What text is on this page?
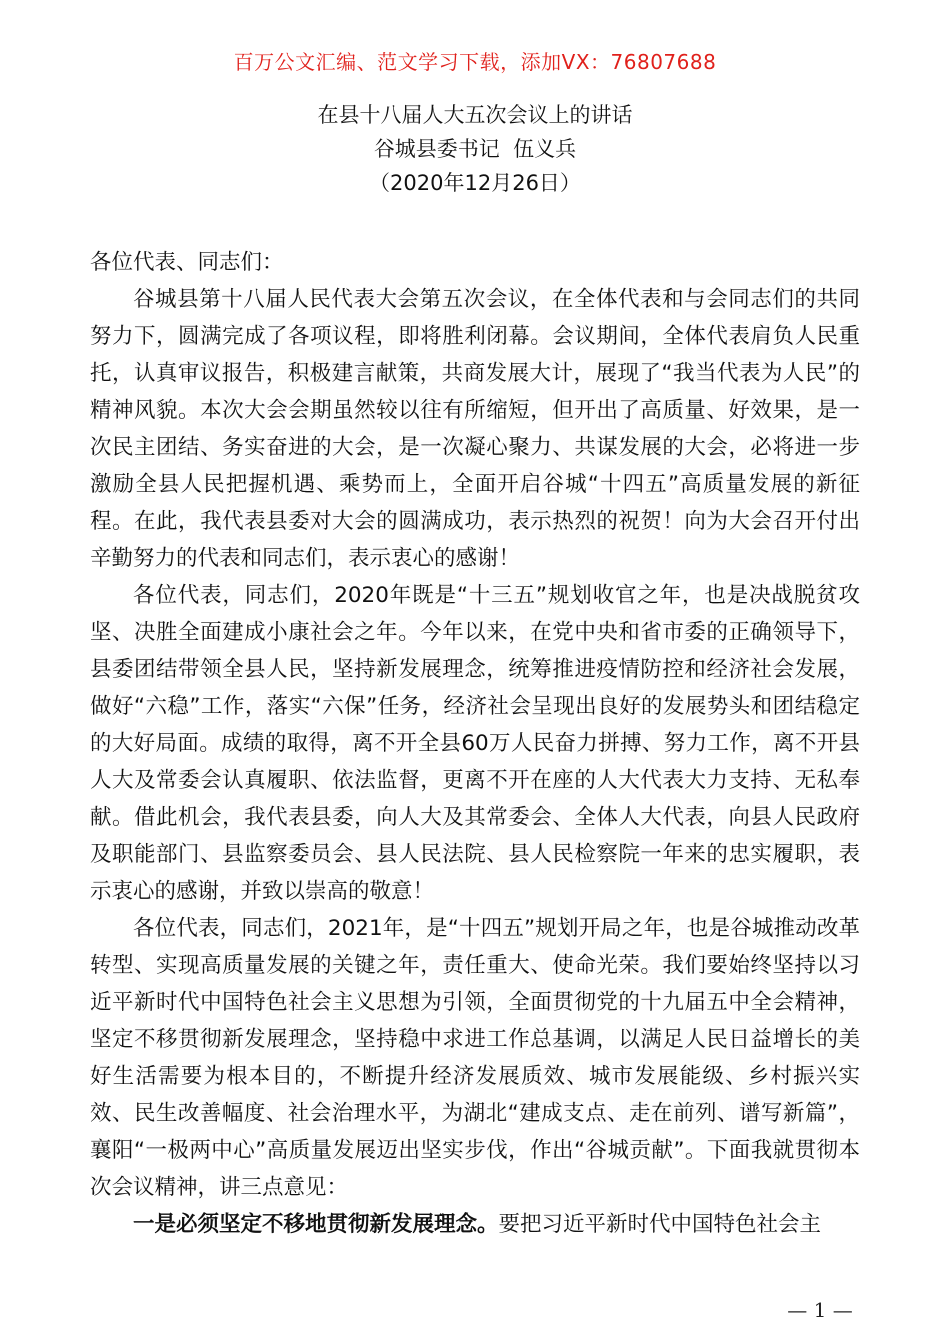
百万公文汇编、范文学习下载，添加VX：76807688
在县十八届人大五次会议上的讲话
谷城县委书记  伍义兵
（2020年12月26日）

各位代表、同志们：

谷城县第十八届人民代表大会第五次会议，在全体代表和与会同志们的共同努力下，圆满完成了各项议程，即将胜利闭幕。会议期间，全体代表肩负人民重托，认真审议报告，积极建言献策，共商发展大计，展现了“我当代表为人民”的精神风貌。本次大会会期虽然较以往有所缩短，但开出了高质量、好效果，是一次民主团结、务实奋进的大会，是一次凝心聚力、共谋发展的大会，必将进一步激励全县人民把握机遇、乘势而上，全面开启谷城“十四五”高质量发展的新征程。在此，我代表县委对大会的圆满成功，表示热烈的祝贺！向为大会召开付出辛勤努力的代表和同志们，表示衷心的感谢！

各位代表，同志们，2020年既是“十三五”规划收官之年，也是决战脱贫攻坚、决胜全面建成小康社会之年。今年以来，在党中央和省市委的正确领导下，县委团结带领全县人民，坚持新发展理念，统筹推进疫情防控和经济社会发展，做好“六稳”工作，落实“六保”任务，经济社会呈现出良好的发展势头和团结稳定的大好局面。成绩的取得，离不开全县60万人民奋力拼搏、努力工作，离不开县人大及常委会认真履职、依法监督，更离不开在座的人大代表大力支持、无私奉献。借此机会，我代表县委，向人大及其常委会、全体人大代表，向县人民政府及职能部门、县监察委员会、县人民法院、县人民检察院一年来的忠实履职，表示衷心的感谢，并致以崇高的敬意！

各位代表，同志们，2021年，是“十四五”规划开局之年，也是谷城推动改革转型、实现高质量发展的关键之年，责任重大、使命光荣。我们要始终坚持以习近平新时代中国特色社会主义思想为引领，全面贯彻党的十九届五中全会精神，坚定不移贯彻新发展理念，坚持稳中求进工作总基调，以满足人民日益增长的美好生活需要为根本目的，不断提升经济发展质效、城市发展能级、乡村振兴实效、民生改善幅度、社会治理水平，为湖北“建成支点、走在前列、谱写新篇”，襄阳“一极两中心”高质量发展迈出坚实步伐，作出“谷城贡献”。下面我就贯彻本次会议精神，讲三点意见：

一是必须坚定不移地贯彻新发展理念。要把习近平新时代中国特色社会主

— 1 —
